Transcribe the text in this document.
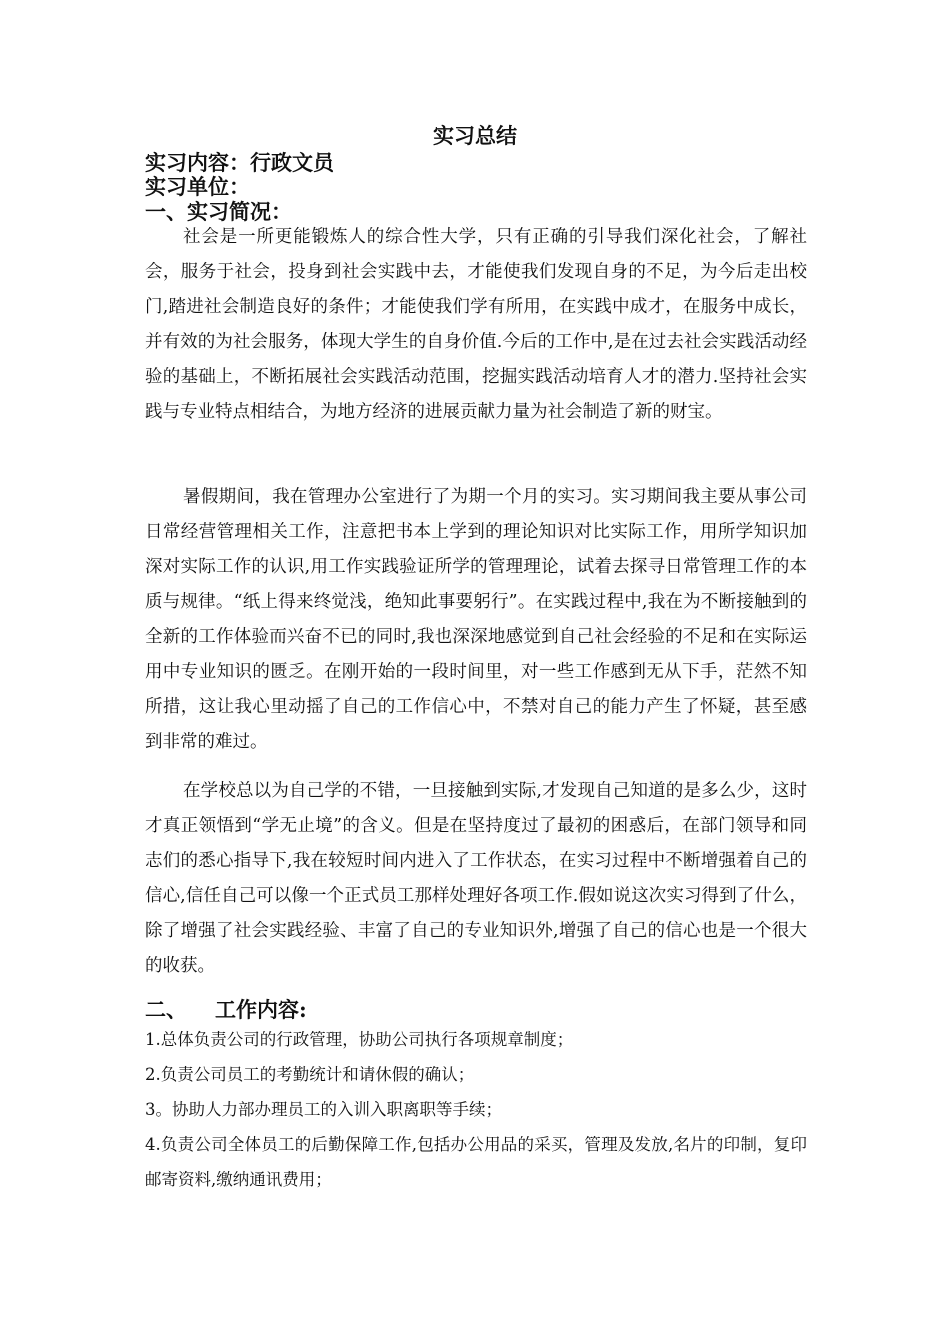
实习总结
实习内容：行政文员
实习单位：
一、实习简况：

社会是一所更能锻炼人的综合性大学，只有正确的引导我们深化社会，了解社会，服务于社会，投身到社会实践中去，才能使我们发现自身的不足，为今后走出校门,踏进社会制造良好的条件；才能使我们学有所用，在实践中成才，在服务中成长，并有效的为社会服务，体现大学生的自身价值.今后的工作中,是在过去社会实践活动经验的基础上，不断拓展社会实践活动范围，挖掘实践活动培育人才的潜力.坚持社会实践与专业特点相结合，为地方经济的进展贡献力量为社会制造了新的财宝。

暑假期间，我在管理办公室进行了为期一个月的实习。实习期间我主要从事公司日常经营管理相关工作，注意把书本上学到的理论知识对比实际工作，用所学知识加深对实际工作的认识,用工作实践验证所学的管理理论，试着去探寻日常管理工作的本质与规律。“纸上得来终觉浅，绝知此事要躬行”。在实践过程中,我在为不断接触到的全新的工作体验而兴奋不已的同时,我也深深地感觉到自己社会经验的不足和在实际运用中专业知识的匮乏。在刚开始的一段时间里，对一些工作感到无从下手，茫然不知所措，这让我心里动摇了自己的工作信心中，不禁对自己的能力产生了怀疑，甚至感到非常的难过。

在学校总以为自己学的不错，一旦接触到实际,才发现自己知道的是多么少，这时才真正领悟到“学无止境”的含义。但是在坚持度过了最初的困惑后，在部门领导和同志们的悉心指导下,我在较短时间内进入了工作状态，在实习过程中不断增强着自己的信心,信任自己可以像一个正式员工那样处理好各项工作.假如说这次实习得到了什么，除了增强了社会实践经验、丰富了自己的专业知识外,增强了自己的信心也是一个很大的收获。

二、 工作内容:
1.总体负责公司的行政管理，协助公司执行各项规章制度；
2.负责公司员工的考勤统计和请休假的确认；
3。协助人力部办理员工的入训入职离职等手续；
4.负责公司全体员工的后勤保障工作,包括办公用品的采买，管理及发放,名片的印制，复印邮寄资料,缴纳通讯费用；
